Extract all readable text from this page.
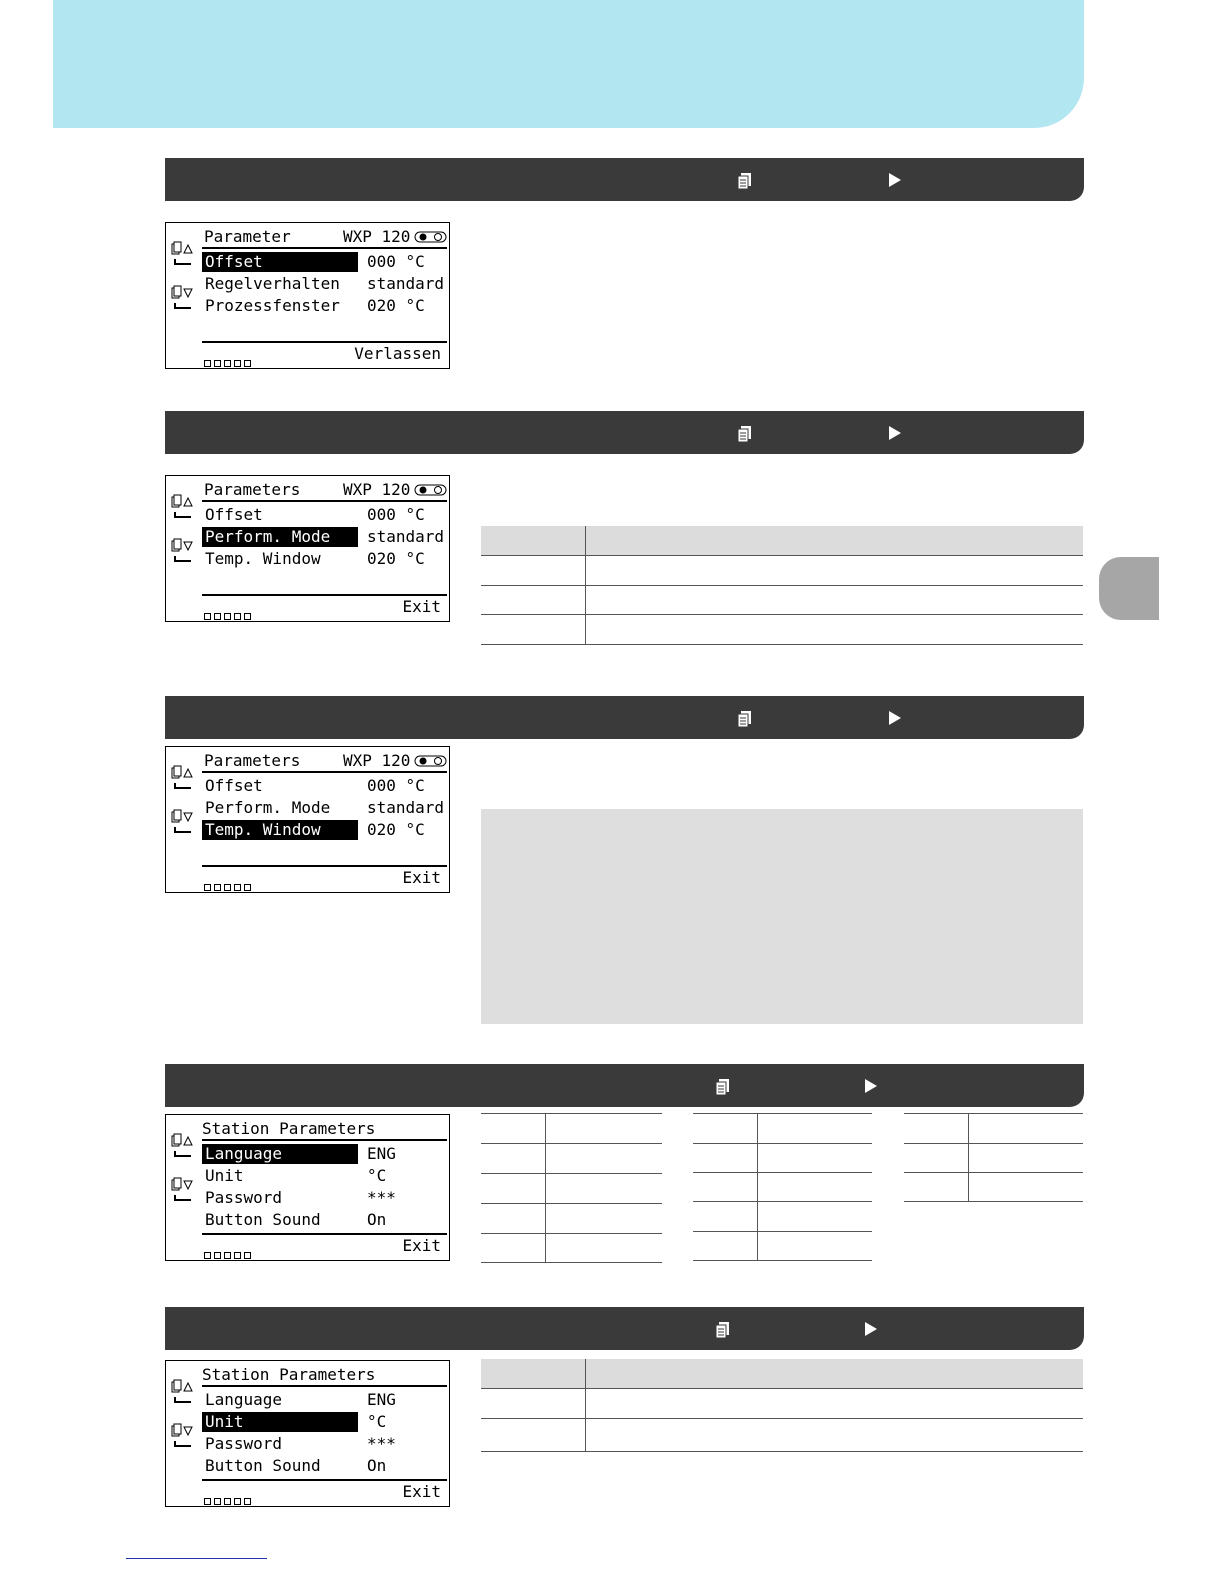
Parameter	WXP 120
Offset	000 °C
Regelverhalten	standard
Prozessfenster	020 °C
Verlassen
Parameters	WXP 120
Offset	000 °C
Perform. Mode	standard
Temp. Window	020 °C
Exit
Parameters	WXP 120
Offset	000 °C
Perform. Mode	standard
Temp. Window	020 °C
Exit
Station Parameters
Language	ENG
Unit	°C
Password	***
Button Sound	On
Exit
Station Parameters
Language	ENG
Unit	°C
Password	***
Button Sound	On
Exit
